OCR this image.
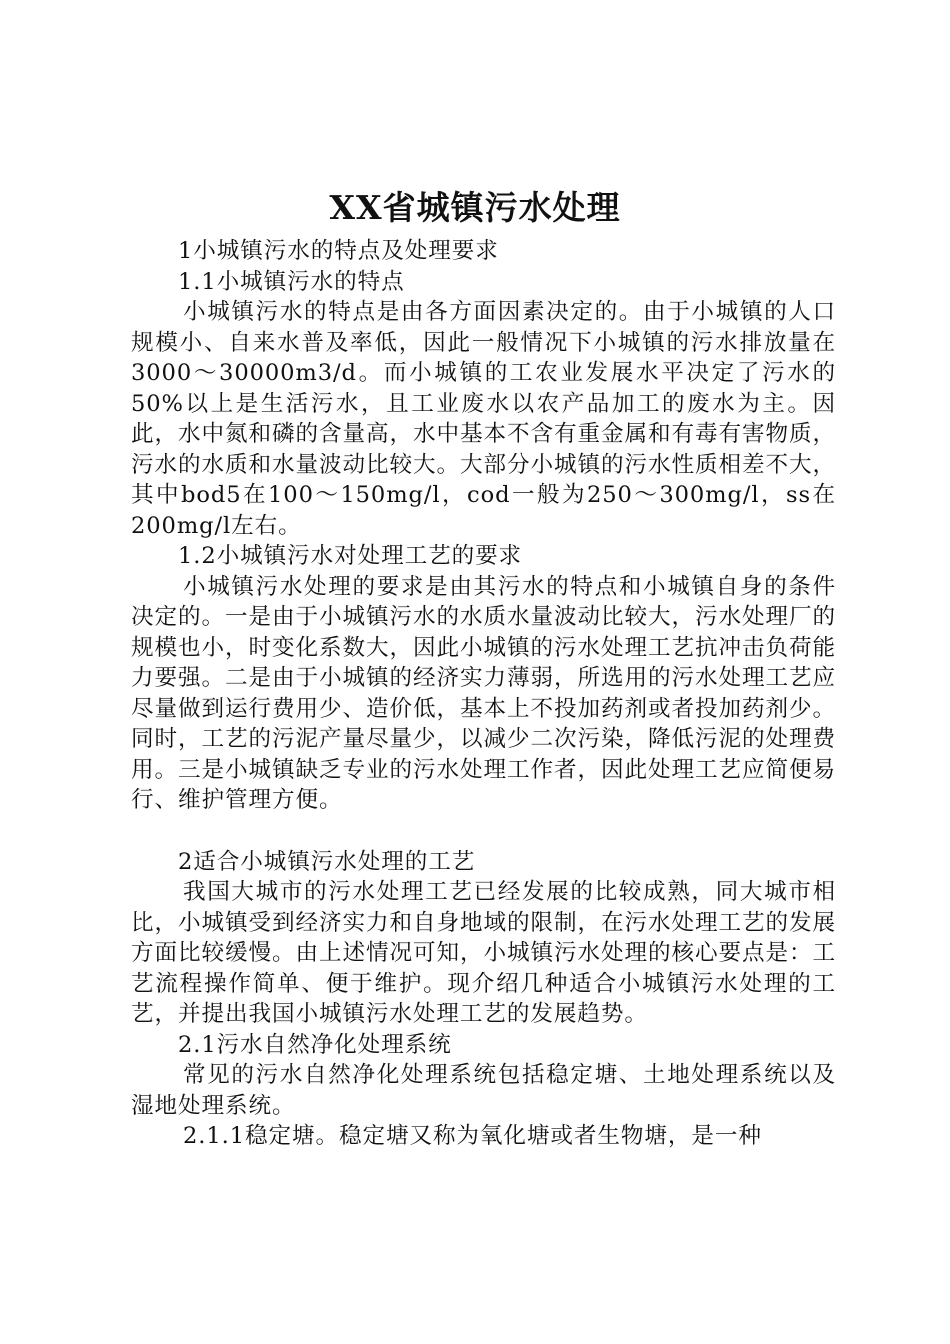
XX省城镇污水处理

1小城镇污水的特点及处理要求

1.1小城镇污水的特点

小城镇污水的特点是由各方面因素决定的。由于小城镇的人口规模小、自来水普及率低，因此一般情况下小城镇的污水排放量在3000～30000m3/d。而小城镇的工农业发展水平决定了污水的50%以上是生活污水，且工业废水以农产品加工的废水为主。因此，水中氮和磷的含量高，水中基本不含有重金属和有毒有害物质，污水的水质和水量波动比较大。大部分小城镇的污水性质相差不大，其中bod5在100～150mg/l，cod一般为250～300mg/l，ss在200mg/l左右。

1.2小城镇污水对处理工艺的要求

小城镇污水处理的要求是由其污水的特点和小城镇自身的条件决定的。一是由于小城镇污水的水质水量波动比较大，污水处理厂的规模也小，时变化系数大，因此小城镇的污水处理工艺抗冲击负荷能力要强。二是由于小城镇的经济实力薄弱，所选用的污水处理工艺应尽量做到运行费用少、造价低，基本上不投加药剂或者投加药剂少。同时，工艺的污泥产量尽量少，以减少二次污染，降低污泥的处理费用。三是小城镇缺乏专业的污水处理工作者，因此处理工艺应简便易行、维护管理方便。

2适合小城镇污水处理的工艺

我国大城市的污水处理工艺已经发展的比较成熟，同大城市相比，小城镇受到经济实力和自身地域的限制，在污水处理工艺的发展方面比较缓慢。由上述情况可知，小城镇污水处理的核心要点是：工艺流程操作简单、便于维护。现介绍几种适合小城镇污水处理的工艺，并提出我国小城镇污水处理工艺的发展趋势。

2.1污水自然净化处理系统

常见的污水自然净化处理系统包括稳定塘、土地处理系统以及湿地处理系统。

2.1.1稳定塘。稳定塘又称为氧化塘或者生物塘，是一种
